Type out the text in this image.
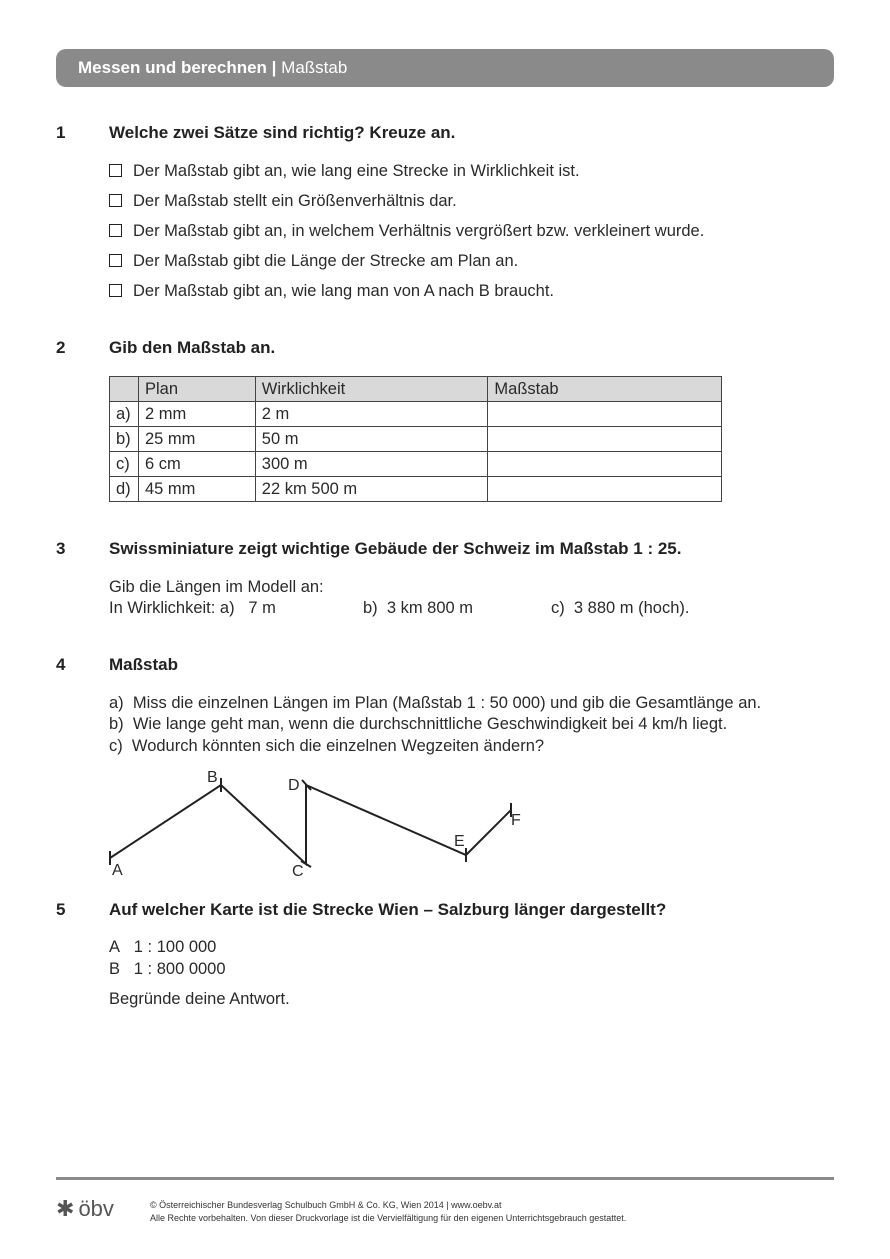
Messen und berechnen | Maßstab
1	Welche zwei Sätze sind richtig? Kreuze an.
Der Maßstab gibt an, wie lang eine Strecke in Wirklichkeit ist.
Der Maßstab stellt ein Größenverhältnis dar.
Der Maßstab gibt an, in welchem Verhältnis vergrößert bzw. verkleinert wurde.
Der Maßstab gibt die Länge der Strecke am Plan an.
Der Maßstab gibt an, wie lang man von A nach B braucht.
2	Gib den Maßstab an.
	Plan	Wirklichkeit	Maßstab
a)	2 mm	2 m	
b)	25 mm	50 m	
c)	6 cm	300 m	
d)	45 mm	22 km 500 m	
3	Swissminiature zeigt wichtige Gebäude der Schweiz im Maßstab 1 : 25.
Gib die Längen im Modell an:
In Wirklichkeit: a) 7 m	b) 3 km 800 m	c) 3 880 m (hoch).
4	Maßstab
a) Miss die einzelnen Längen im Plan (Maßstab 1 : 50 000) und gib die Gesamtlänge an.
b) Wie lange geht man, wenn die durchschnittliche Geschwindigkeit bei 4 km/h liegt.
c) Wodurch könnten sich die einzelnen Wegzeiten ändern?
A
B
C
D
E
F
5	Auf welcher Karte ist die Strecke Wien – Salzburg länger dargestellt?
A 1 : 100 000
B 1 : 800 0000
Begründe deine Antwort.
✱ öbv	© Österreichischer Bundesverlag Schulbuch GmbH & Co. KG, Wien 2014 | www.oebv.at
Alle Rechte vorbehalten. Von dieser Druckvorlage ist die Vervielfältigung für den eigenen Unterrichtsgebrauch gestattet.
